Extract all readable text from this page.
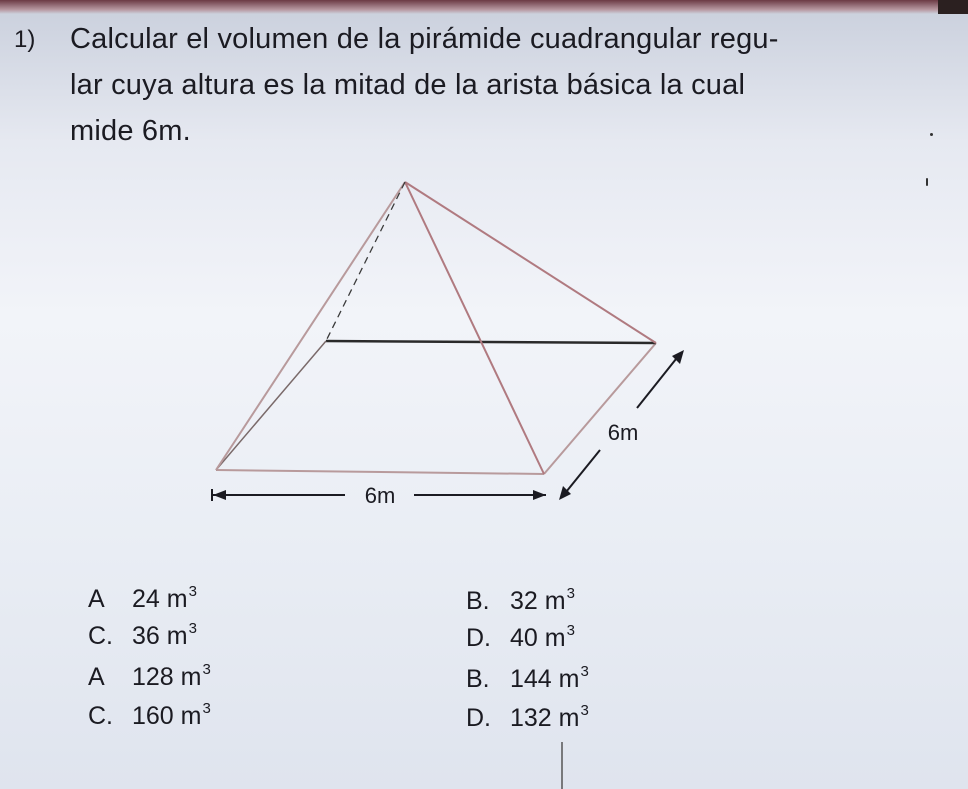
1) Calcular el volumen de la pirámide cuadrangular regu-
lar cuya altura es la mitad de la arista básica la cual
mide 6m.
6m
6m
A 24 $m^3$
C. 36 $m^3$
A 128 $m^3$
C. 160 $m^3$
B. 32 $m^3$
D. 40 $m^3$
B. 144 $m^3$
D. 132 $m^3$
